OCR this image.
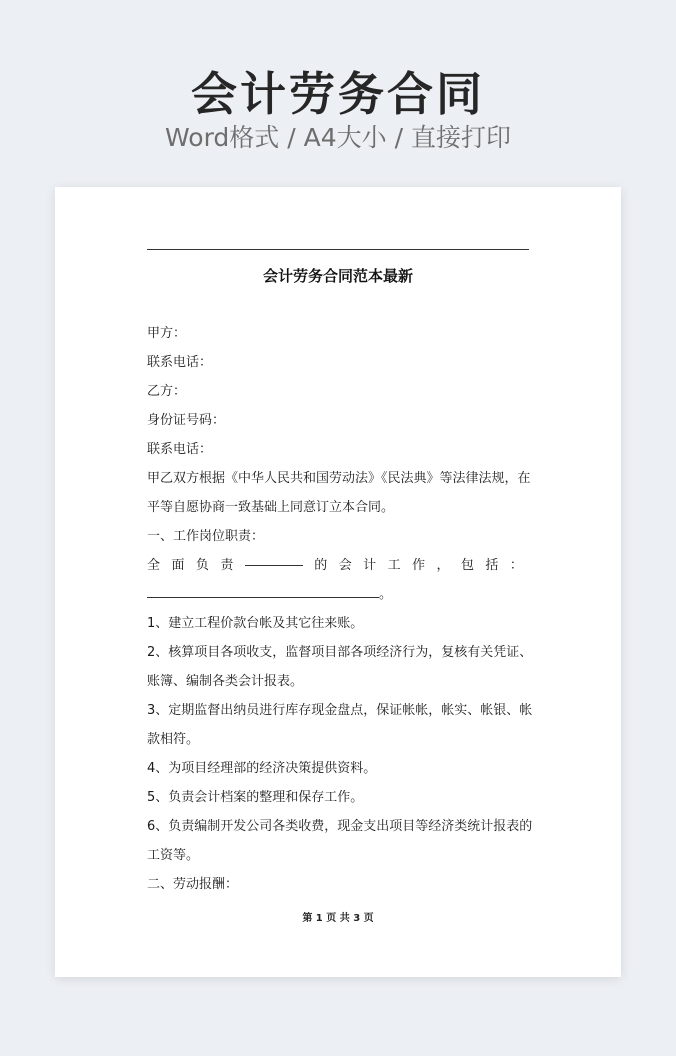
会计劳务合同
Word格式 / A4大小 / 直接打印
会计劳务合同范本最新
甲方：
联系电话：
乙方：
身份证号码：
联系电话：
甲乙双方根据《中华人民共和国劳动法》《民法典》等法律法规，在
平等自愿协商一致基础上同意订立本合同。
一、工作岗位职责：
全 面 负 责	的 会 计 工 作 ， 包 括 ：
。
1、建立工程价款台帐及其它往来账。
2、核算项目各项收支，监督项目部各项经济行为，复核有关凭证、
账簿、编制各类会计报表。
3、定期监督出纳员进行库存现金盘点，保证帐帐，帐实、帐银、帐
款相符。
4、为项目经理部的经济决策提供资料。
5、负责会计档案的整理和保存工作。
6、负责编制开发公司各类收费，现金支出项目等经济类统计报表的
工资等。
二、劳动报酬：
第 1 页 共 3 页
